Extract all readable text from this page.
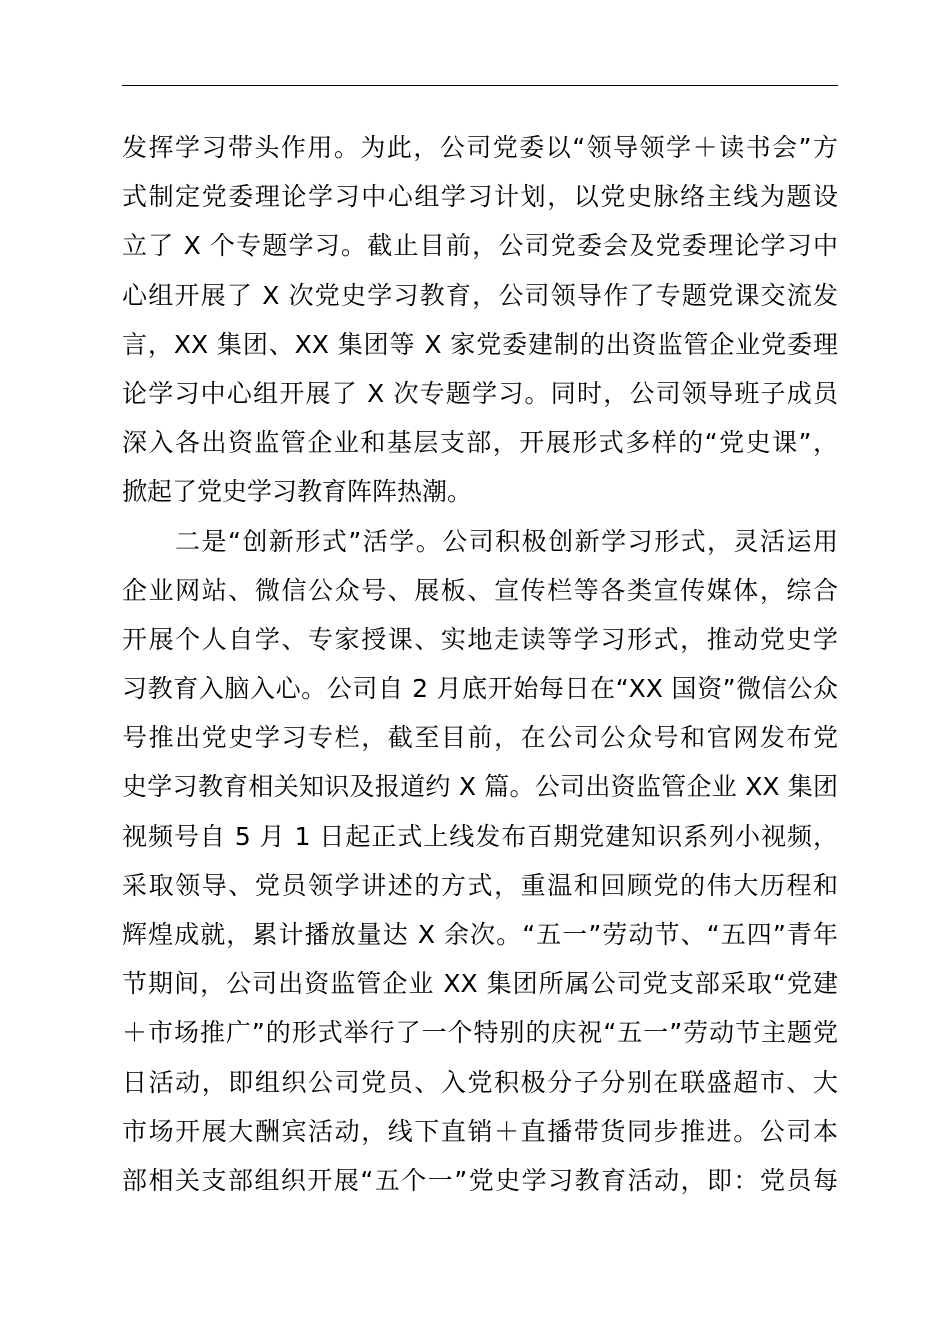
发挥学习带头作用。为此，公司党委以“领导领学＋读书会”方
式制定党委理论学习中心组学习计划，以党史脉络主线为题设
立了 X 个专题学习。截止目前，公司党委会及党委理论学习中
心组开展了 X 次党史学习教育，公司领导作了专题党课交流发
言，XX 集团、XX 集团等 X 家党委建制的出资监管企业党委理
论学习中心组开展了 X 次专题学习。同时，公司领导班子成员
深入各出资监管企业和基层支部，开展形式多样的“党史课”，
掀起了党史学习教育阵阵热潮。
　　二是“创新形式”活学。公司积极创新学习形式，灵活运用
企业网站、微信公众号、展板、宣传栏等各类宣传媒体，综合
开展个人自学、专家授课、实地走读等学习形式，推动党史学
习教育入脑入心。公司自 2 月底开始每日在“XX 国资”微信公众
号推出党史学习专栏，截至目前，在公司公众号和官网发布党
史学习教育相关知识及报道约 X 篇。公司出资监管企业 XX 集团
视频号自 5 月 1 日起正式上线发布百期党建知识系列小视频，
采取领导、党员领学讲述的方式，重温和回顾党的伟大历程和
辉煌成就，累计播放量达 X 余次。“五一”劳动节、“五四”青年
节期间，公司出资监管企业 XX 集团所属公司党支部采取“党建
＋市场推广”的形式举行了一个特别的庆祝“五一”劳动节主题党
日活动，即组织公司党员、入党积极分子分别在联盛超市、大
市场开展大酬宾活动，线下直销＋直播带货同步推进。公司本
部相关支部组织开展“五个一”党史学习教育活动，即：党员每
